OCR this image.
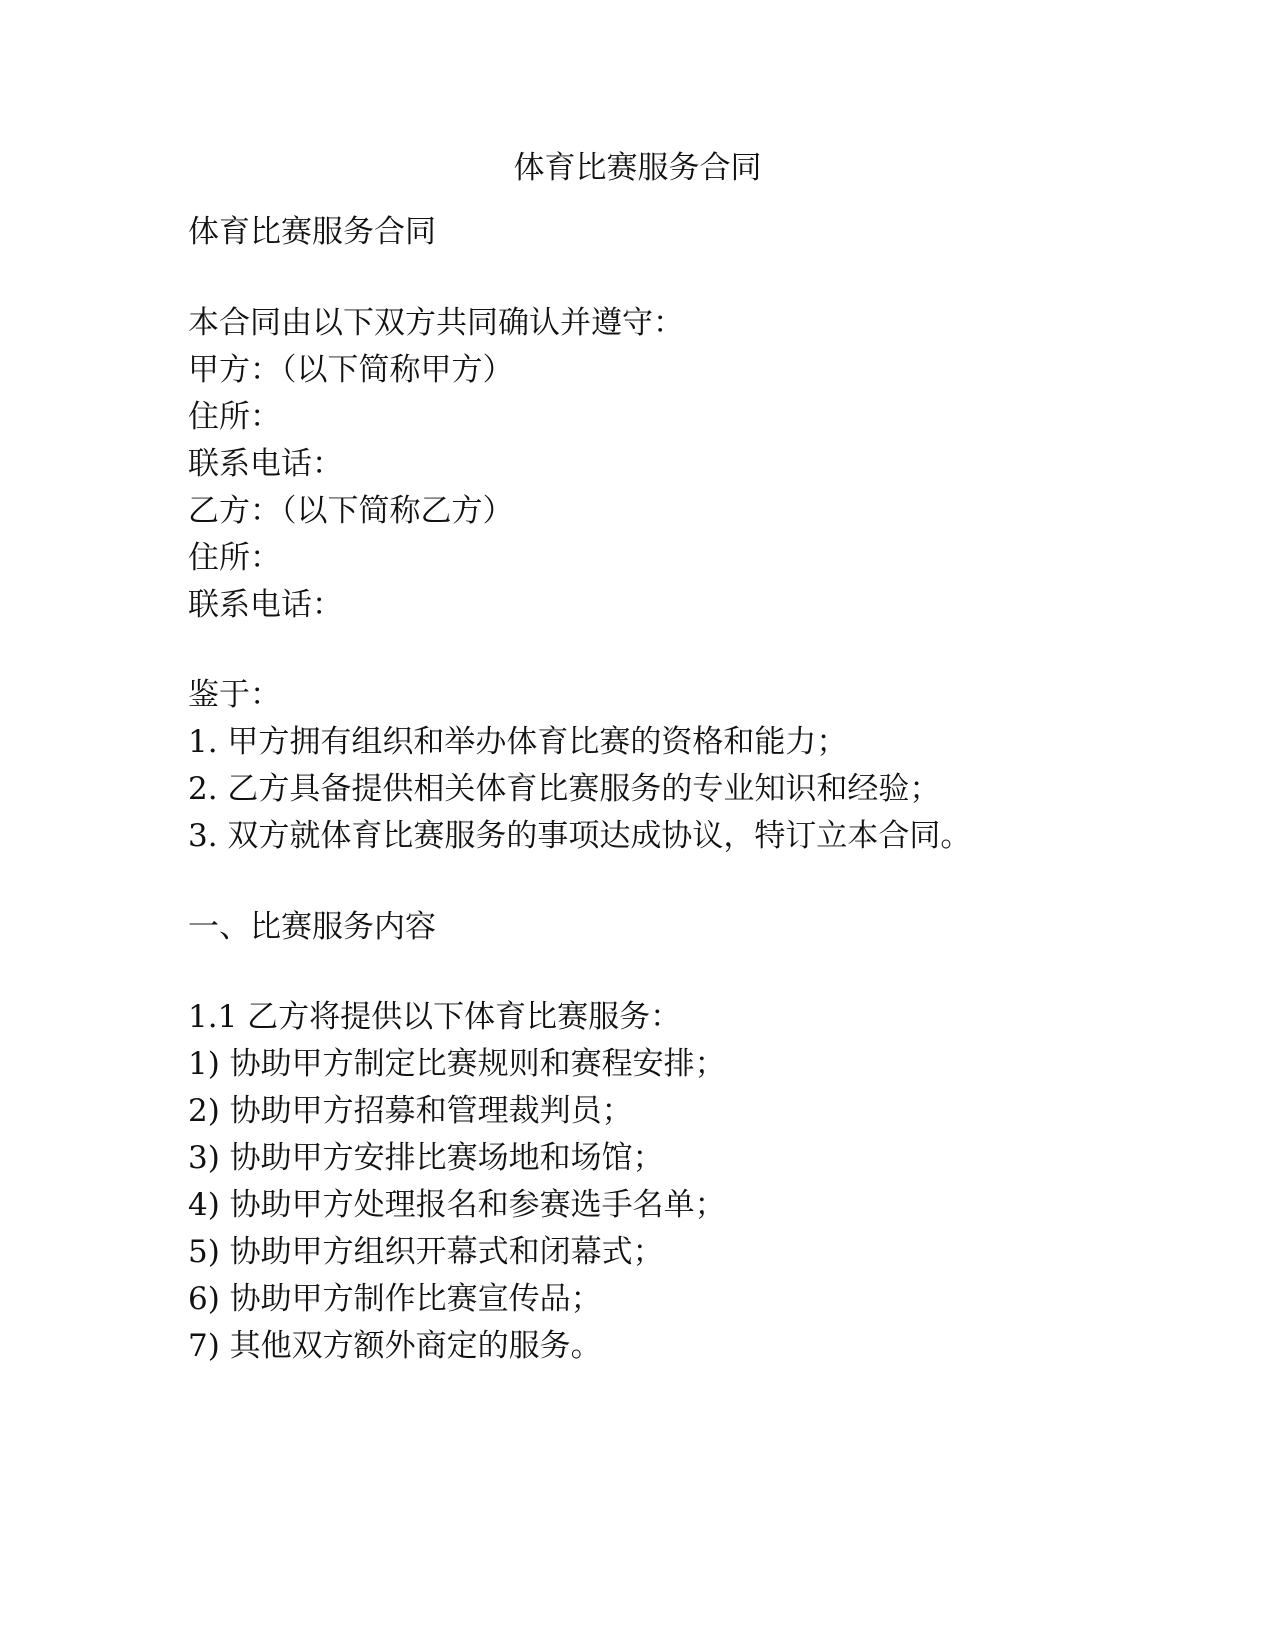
体育比赛服务合同
体育比赛服务合同
本合同由以下双方共同确认并遵守：
甲方：（以下简称甲方）
住所：
联系电话：
乙方：（以下简称乙方）
住所：
联系电话：
鉴于：
1. 甲方拥有组织和举办体育比赛的资格和能力；
2. 乙方具备提供相关体育比赛服务的专业知识和经验；
3. 双方就体育比赛服务的事项达成协议，特订立本合同。
一、比赛服务内容
1.1 乙方将提供以下体育比赛服务：
1) 协助甲方制定比赛规则和赛程安排；
2) 协助甲方招募和管理裁判员；
3) 协助甲方安排比赛场地和场馆；
4) 协助甲方处理报名和参赛选手名单；
5) 协助甲方组织开幕式和闭幕式；
6) 协助甲方制作比赛宣传品；
7) 其他双方额外商定的服务。
